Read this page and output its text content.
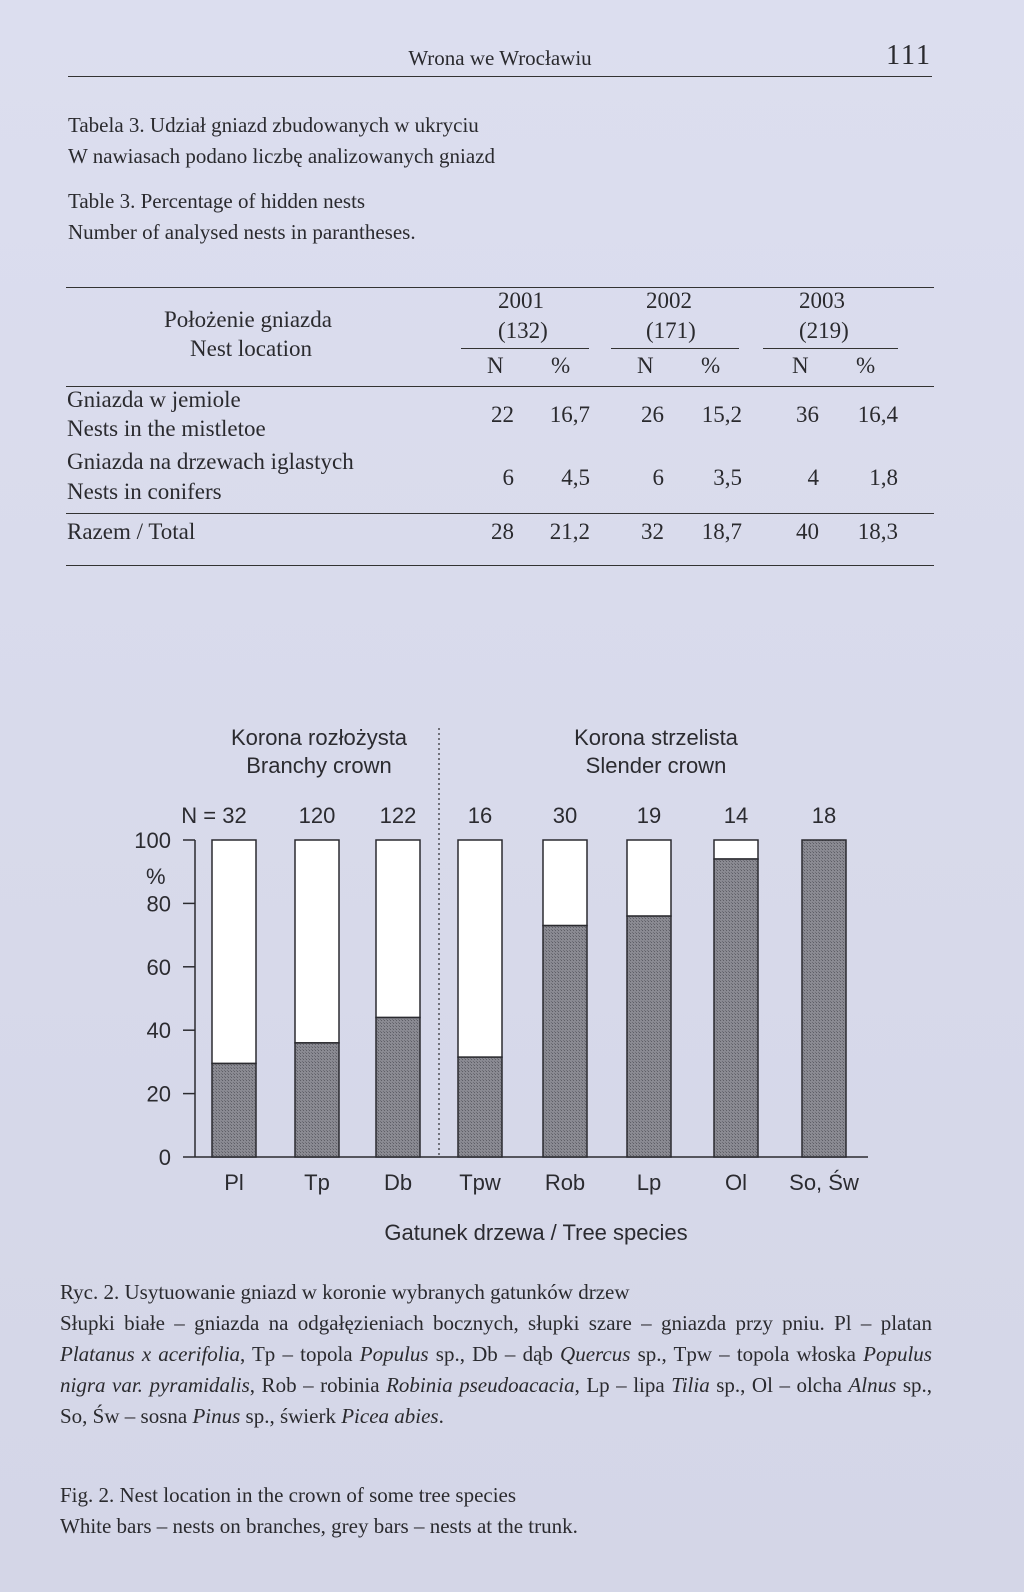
Wrona we Wrocławiu	111
Tabela 3. Udział gniazd zbudowanych w ukryciu
W nawiasach podano liczbę analizowanych gniazd
Table 3. Percentage of hidden nests
Number of analysed nests in parantheses.
Położenie gniazda
Nest location
2001
(132)
2002
(171)
2003
(219)
N %	N %	N %
Gniazda w jemiole
Nests in the mistletoe
22	16,7	26	15,2	36	16,4
Gniazda na drzewach iglastych
Nests in conifers
6	4,5	6	3,5	4	1,8
Razem / Total	28	21,2	32	18,7	40	18,3
0
20
40
60
80
100
%
Korona rozłożysta
Branchy crown
Korona strzelista
Slender crown
N = 32
Pl
120
Tp
122
Db
16
Tpw
30
Rob
19
Lp
14
Ol
18
So, Św
Gatunek drzewa / Tree species
Ryc. 2. Usytuowanie gniazd w koronie wybranych gatunków drzew
Słupki białe – gniazda na odgałęzieniach bocznych, słupki szare – gniazda przy pniu. Pl – platan Platanus x acerifolia, Tp – topola Populus sp., Db – dąb Quercus sp., Tpw – topola włoska Populus nigra var. pyramidalis, Rob – robinia Robinia pseudoacacia, Lp – lipa Tilia sp., Ol – olcha Alnus sp., So, Św – sosna Pinus sp., świerk Picea abies.
Fig. 2. Nest location in the crown of some tree species
White bars – nests on branches, grey bars – nests at the trunk.
